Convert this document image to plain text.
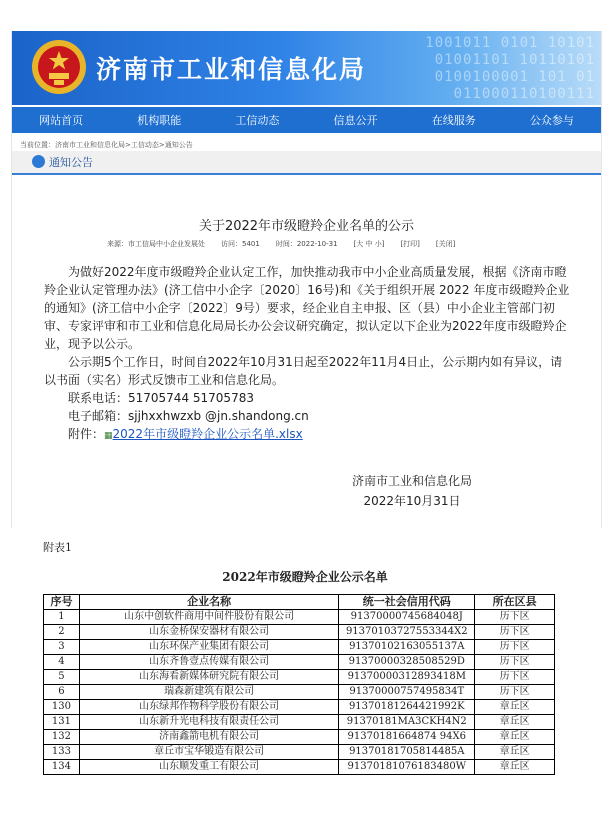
1001011 0101 10101
01001101 10110101
0100100001 101 01
011000110100111
济南市工业和信息化局
网站首页	机构职能	工信动态	信息公开	在线服务	公众参与
当前位置：济南市工业和信息化局>工信动态>通知公告
通知公告
关于2022年市级瞪羚企业名单的公示
来源：市工信局中小企业发展处 访问：5401 时间：2022-10-31 [大 中 小] [打印] [关闭]

为做好2022年度市级瞪羚企业认定工作，加快推动我市中小企业高质量发展，根据《济南市瞪羚企业认定管理办法》(济工信中小企字〔2020〕16号)和《关于组织开展 2022 年度市级瞪羚企业的通知》(济工信中小企字〔2022〕9号）要求，经企业自主申报、区（县）中小企业主管部门初审、专家评审和市工业和信息化局局长办公会议研究确定，拟认定以下企业为2022年度市级瞪羚企业，现予以公示。

公示期5个工作日，时间自2022年10月31日起至2022年11月4日止，公示期内如有异议，请以书面（实名）形式反馈市工业和信息化局。

联系电话：51705744 51705783
电子邮箱：sjjhxxhwzxb @jn.shandong.cn
附件：▦2022年市级瞪羚企业公示名单.xlsx
济南市工业和信息化局
2022年10月31日
附表1
2022年市级瞪羚企业公示名单
序号	企业名称	统一社会信用代码	所在区县
1	山东中创软件商用中间件股份有限公司	91370000745684048J	历下区
2	山东金桥保安器材有限公司	91370103727553344X2	历下区
3	山东环保产业集团有限公司	91370102163055137A	历下区
4	山东齐鲁壹点传媒有限公司	91370000328508529D	历下区
5	山东海看新媒体研究院有限公司	91370000312893418M	历下区
6	瑞森新建筑有限公司	91370000757495834T	历下区
130	山东绿邦作物科学股份有限公司	91370181264421992K	章丘区
131	山东新升光电科技有限责任公司	91370181MA3CKH4N2	章丘区
132	济南鑫箭电机有限公司	91370181664874 94X6	章丘区
133	章丘市宝华锻造有限公司	91370181705814485A	章丘区
134	山东顺发重工有限公司	91370181076183480W	章丘区
